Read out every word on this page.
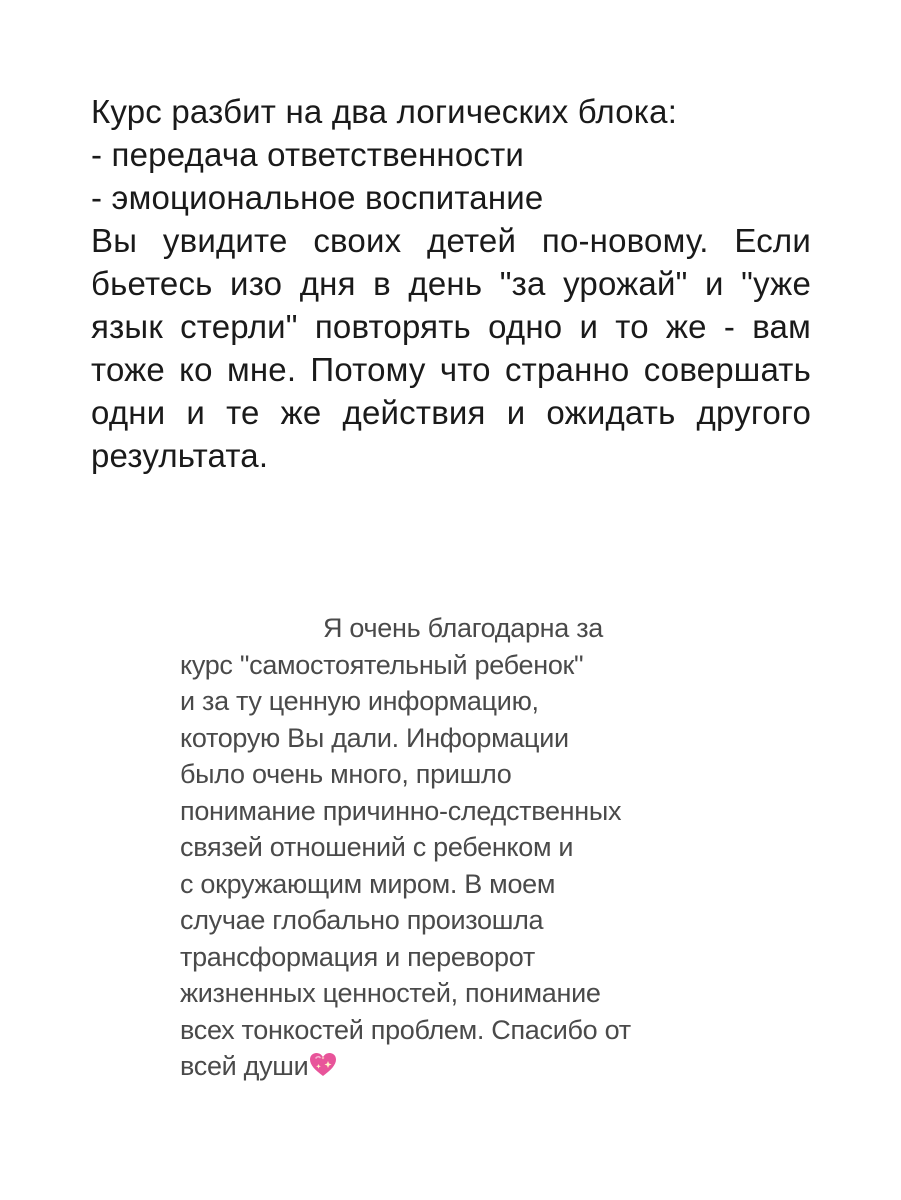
Курс разбит на два логических блока:
- передача ответственности
- эмоциональное воспитание
Вы увидите своих детей по-новому. Если бьетесь изо дня в день "за урожай" и "уже язык стерли" повторять одно и то же - вам тоже ко мне. Потому что странно совершать одни и те же действия и ожидать другого результата.
Я очень благодарна за
курс "самостоятельный ребенок"
и за ту ценную информацию,
которую Вы дали. Информации
было очень много, пришло
понимание причинно-следственных
связей отношений с ребенком и
с окружающим миром. В моем
случае глобально произошла
трансформация и переворот
жизненных ценностей, понимание
всех тонкостей проблем. Спасибо от
всей души
